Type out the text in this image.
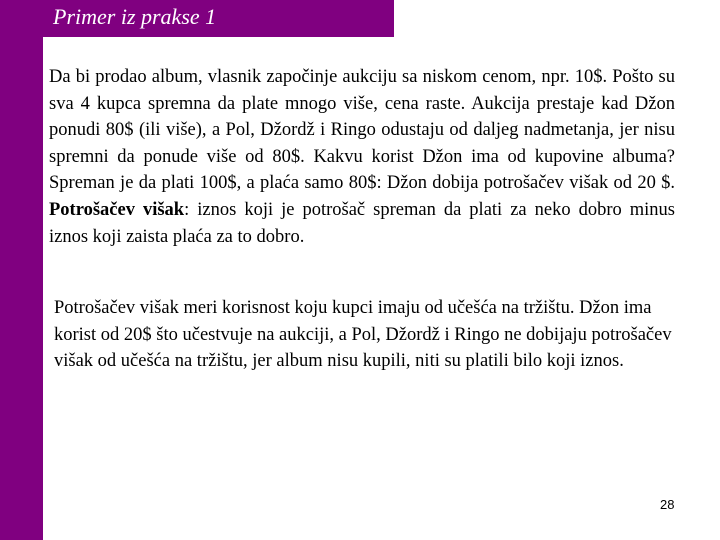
Primer iz prakse 1
Da bi prodao album, vlasnik započinje aukciju sa niskom cenom, npr. 10$. Pošto su sva 4 kupca spremna da plate mnogo više, cena raste. Aukcija prestaje kad Džon ponudi 80$ (ili više), a Pol, Džordž i Ringo odustaju od daljeg nadmetanja, jer nisu spremni da ponude više od 80$. Kakvu korist Džon ima od kupovine albuma? Spreman je da plati 100$, a plaća samo 80$: Džon dobija potrošačev višak od 20 $. Potrošačev višak: iznos koji je potrošač spreman da plati za neko dobro minus iznos koji zaista plaća za to dobro.
Potrošačev višak meri korisnost koju kupci imaju od učešća na tržištu. Džon ima korist od 20$ što učestvuje na aukciji, a Pol, Džordž i Ringo ne dobijaju potrošačev višak od učešća na tržištu, jer album nisu kupili, niti su platili bilo koji iznos.
28
